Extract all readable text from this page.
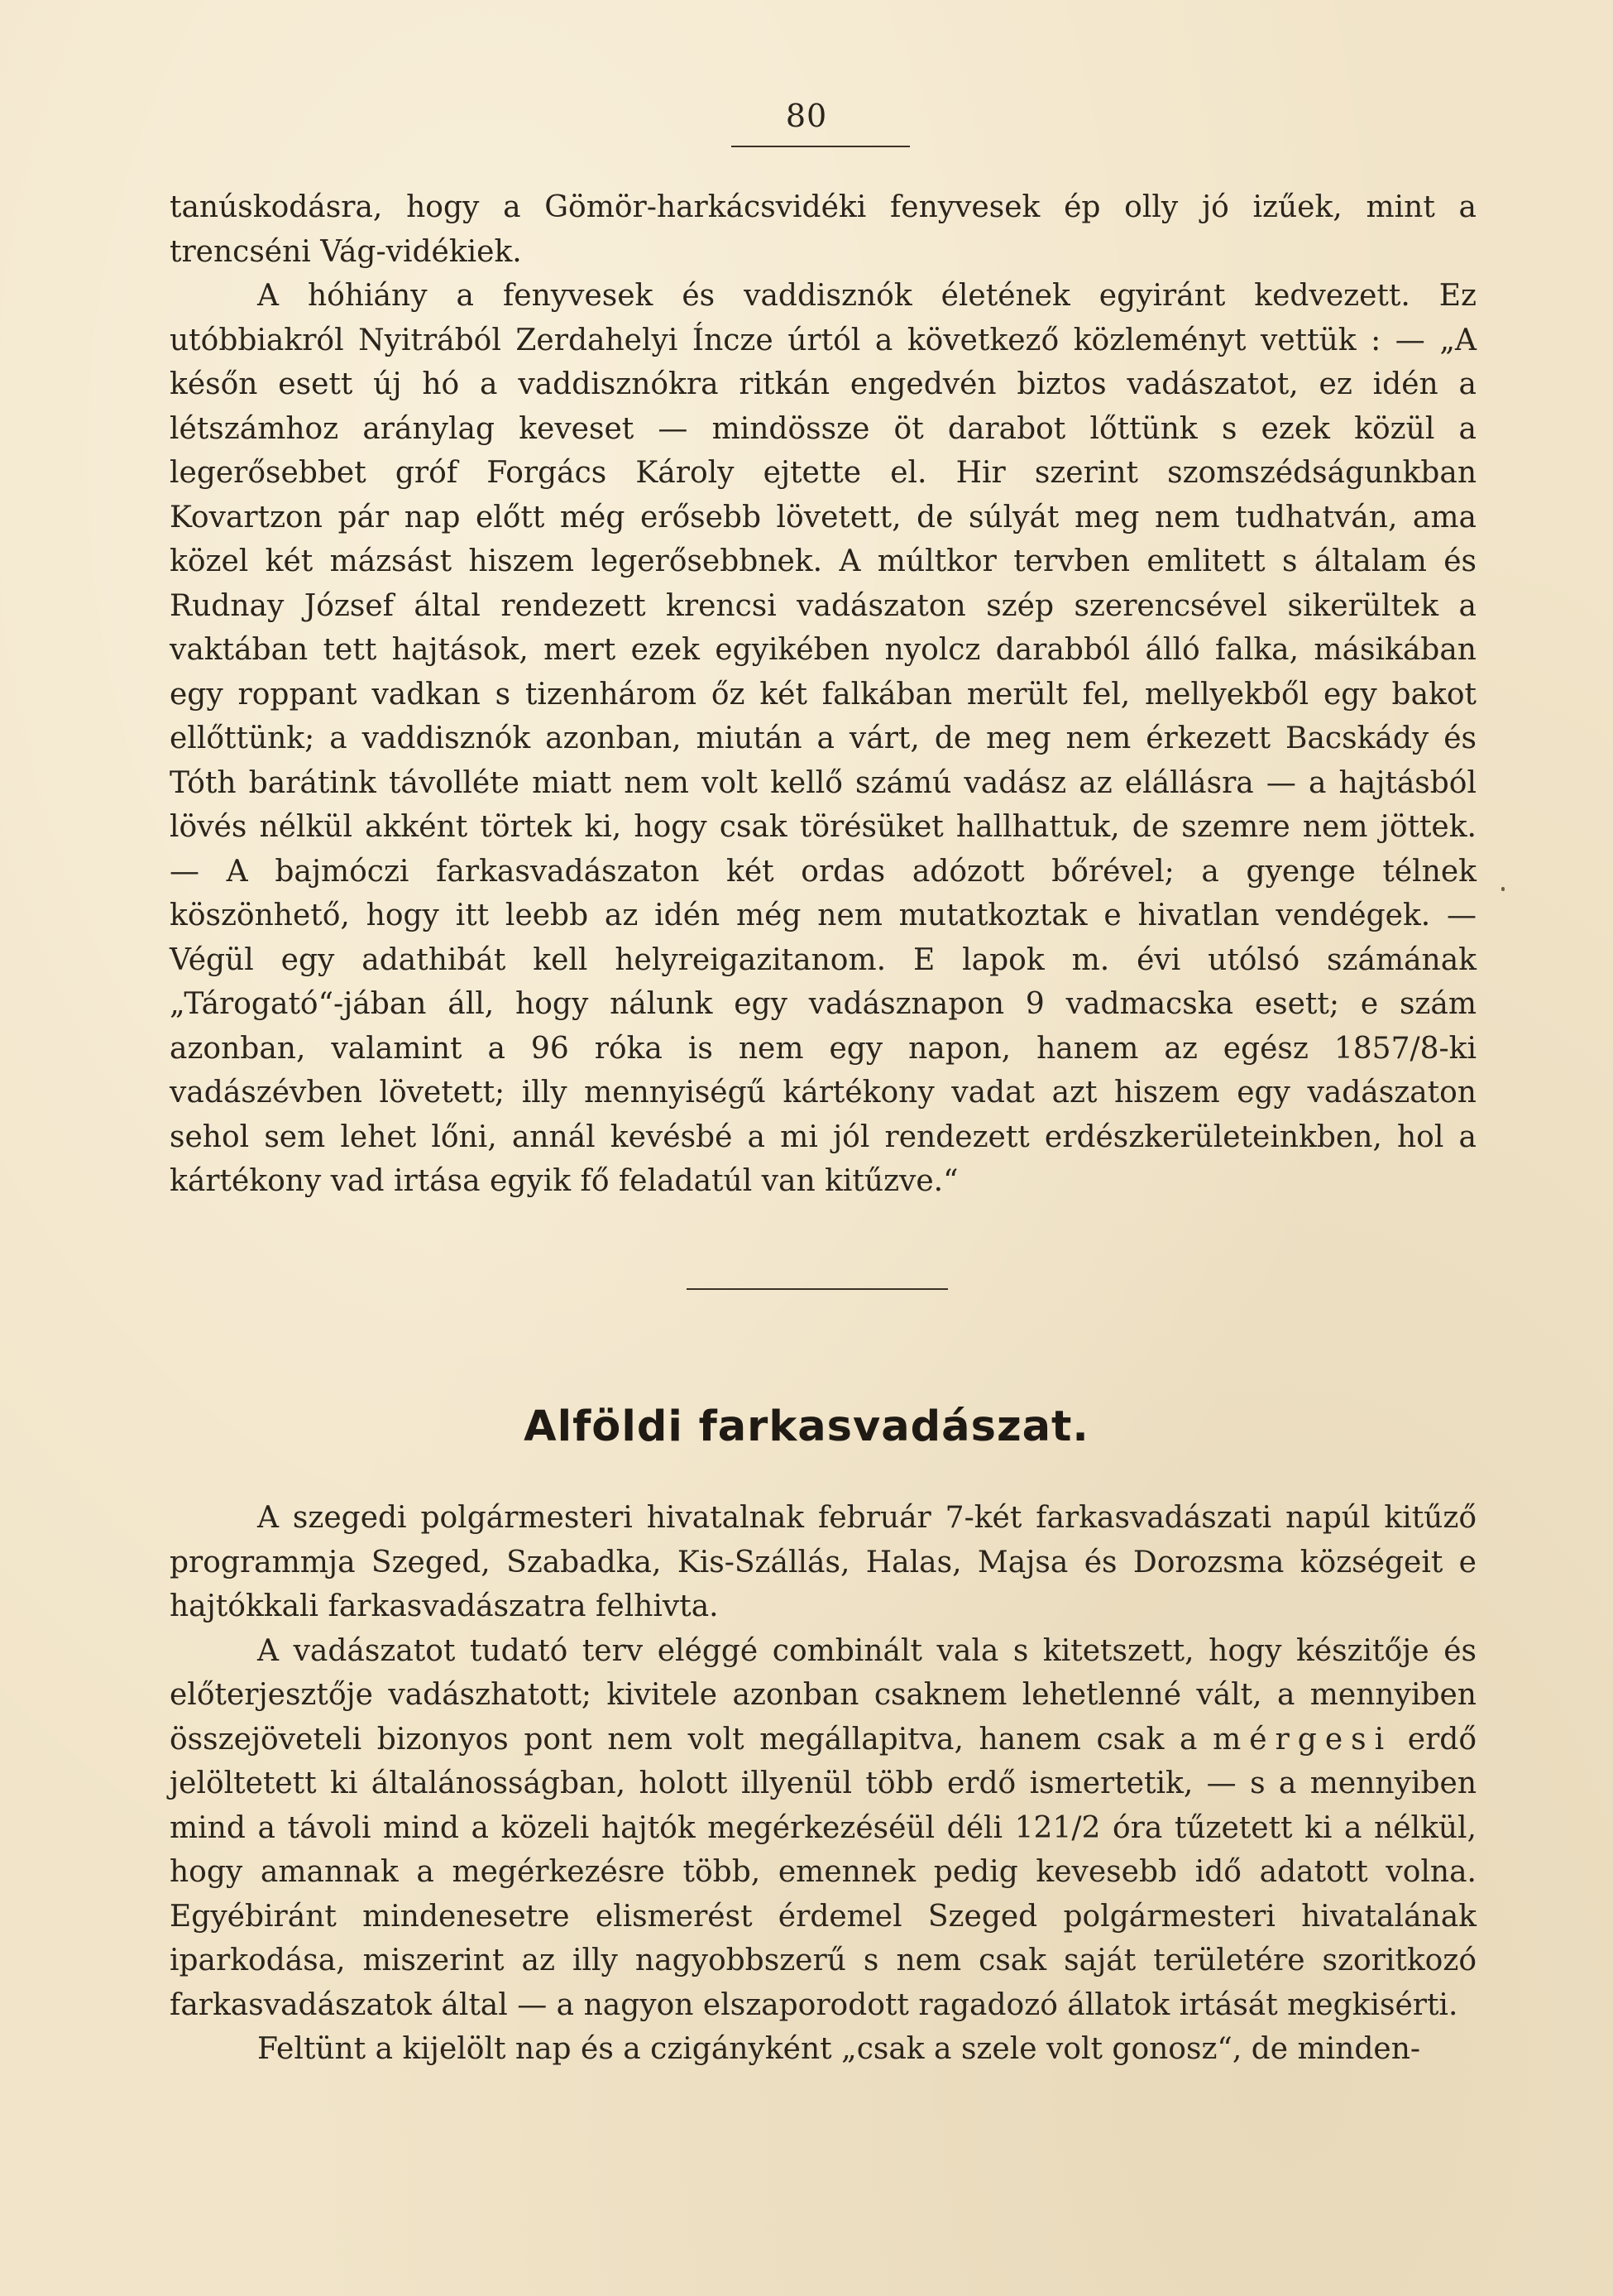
80

tanúskodásra, hogy a Gömör-harkácsvidéki fenyvesek ép olly jó izűek, mint a trencséni Vág-vidékiek.

A hóhiány a fenyvesek és vaddisznók életének egyiránt kedvezett. Ez utóbbiakról Nyitrából Zerdahelyi Íncze úrtól a következő közleményt vettük : — „A későn esett új hó a vaddisznókra ritkán engedvén biztos vadászatot, ez idén a létszámhoz aránylag keveset — mindössze öt darabot lőttünk s ezek közül a legerősebbet gróf Forgács Károly ejtette el. Hir szerint szomszédságunkban Kovartzon pár nap előtt még erősebb lövetett, de súlyát meg nem tudhatván, ama közel két mázsást hiszem legerősebbnek. A múltkor tervben emlitett s általam és Rudnay József által rendezett krencsi vadászaton szép szerencsével sikerültek a vaktában tett hajtások, mert ezek egyikében nyolcz darabból álló falka, másikában egy roppant vadkan s tizenhárom őz két falkában merült fel, mellyekből egy bakot ellőttünk; a vaddisznók azonban, miután a várt, de meg nem érkezett Bacskády és Tóth barátink távolléte miatt nem volt kellő számú vadász az elállásra — a hajtásból lövés nélkül akként törtek ki, hogy csak törésüket hallhattuk, de szemre nem jöttek. — A bajmóczi farkasvadászaton két ordas adózott bőrével; a gyenge télnek köszönhető, hogy itt leebb az idén még nem mutatkoztak e hivatlan vendégek. — Végül egy adathibát kell helyreigazitanom. E lapok m. évi utólsó számának „Tárogató“-jában áll, hogy nálunk egy vadásznapon 9 vadmacska esett; e szám azonban, valamint a 96 róka is nem egy napon, hanem az egész 1857/8-ki vadászévben lövetett; illy mennyiségű kártékony vadat azt hiszem egy vadászaton sehol sem lehet lőni, annál kevésbé a mi jól rendezett erdészkerületeinkben, hol a kártékony vad irtása egyik fő feladatúl van kitűzve.“

Alföldi farkasvadászat.

A szegedi polgármesteri hivatalnak február 7-két farkasvadászati napúl kitűző programmja Szeged, Szabadka, Kis-Szállás, Halas, Majsa és Dorozsma községeit e hajtókkali farkasvadászatra felhivta.

A vadászatot tudató terv eléggé combinált vala s kitetszett, hogy készitője és előterjesztője vadászhatott; kivitele azonban csaknem lehetlenné vált, a mennyiben összejöveteli bizonyos pont nem volt megállapitva, hanem csak a mérgesi erdő jelöltetett ki általánosságban, holott illyenül több erdő ismertetik, — s a mennyiben mind a távoli mind a közeli hajtók megérkezéséül déli 121/2 óra tűzetett ki a nélkül, hogy amannak a megérkezésre több, emennek pedig kevesebb idő adatott volna. Egyébiránt mindenesetre elismerést érdemel Szeged polgármesteri hivatalának iparkodása, miszerint az illy nagyobbszerű s nem csak saját területére szoritkozó farkasvadászatok által — a nagyon elszaporodott ragadozó állatok irtását megkisérti.

Feltünt a kijelölt nap és a czigányként „csak a szele volt gonosz“, de minden-
